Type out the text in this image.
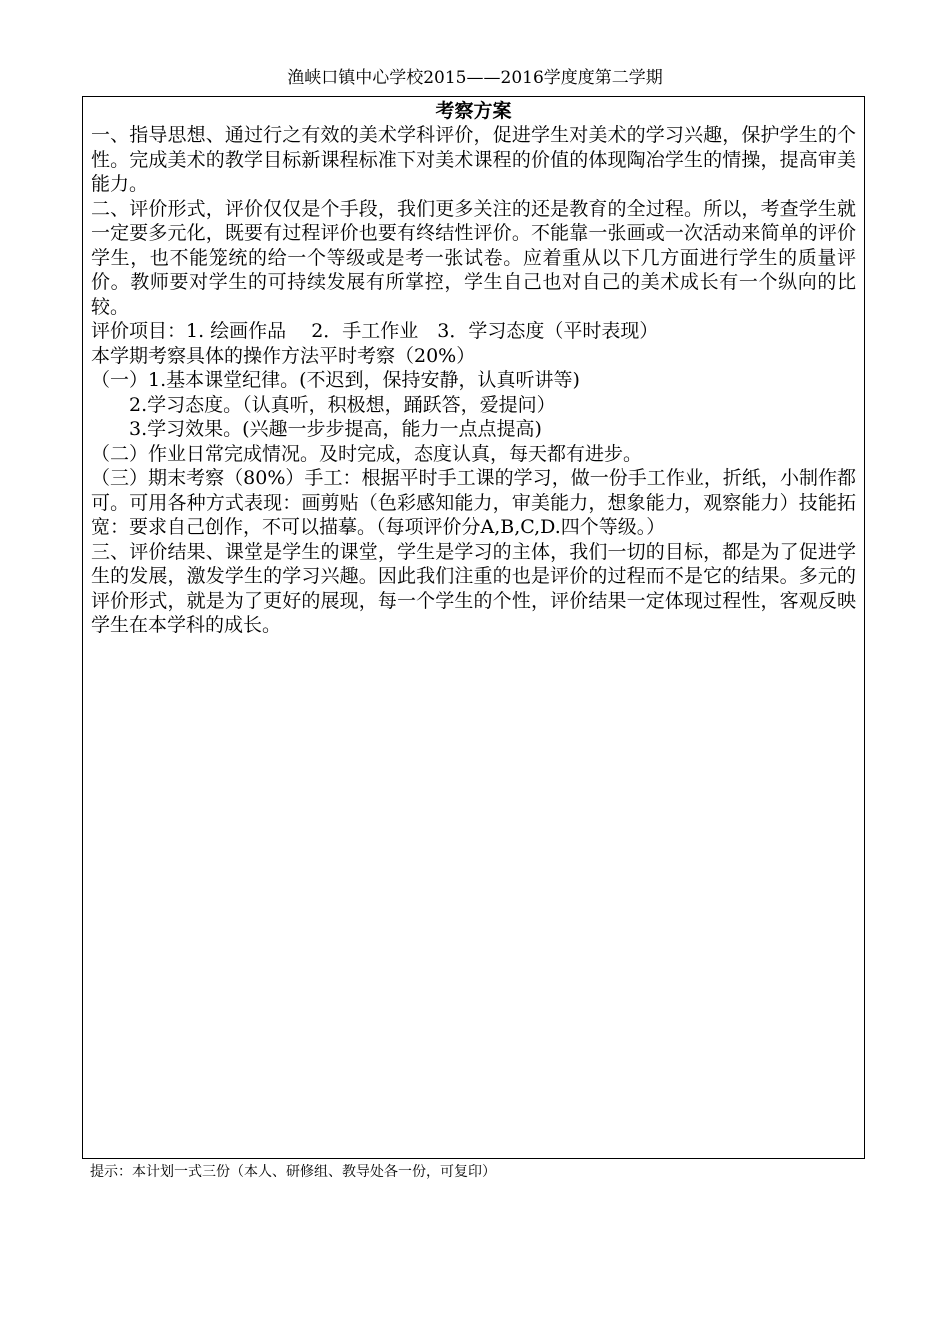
渔峡口镇中心学校2015——2016学度度第二学期
考察方案

一、指导思想、通过行之有效的美术学科评价，促进学生对美术的学习兴趣，保护学生的个性。完成美术的教学目标新课程标准下对美术课程的价值的体现陶冶学生的情操，提高审美能力。

二、评价形式，评价仅仅是个手段，我们更多关注的还是教育的全过程。所以，考查学生就一定要多元化，既要有过程评价也要有终结性评价。不能靠一张画或一次活动来简单的评价学生，也不能笼统的给一个等级或是考一张试卷。应着重从以下几方面进行学生的质量评价。教师要对学生的可持续发展有所掌控，学生自己也对自己的美术成长有一个纵向的比较。

评价项目：1. 绘画作品　 2．手工作业　3．学习态度（平时表现）

本学期考察具体的操作方法平时考察（20%）

（一）1.基本课堂纪律。(不迟到，保持安静，认真听讲等)

2.学习态度。（认真听，积极想，踊跃答，爱提问）

3.学习效果。(兴趣一步步提高，能力一点点提高)

（二）作业日常完成情况。及时完成，态度认真，每天都有进步。

（三）期末考察（80%）手工：根据平时手工课的学习，做一份手工作业，折纸，小制作都可。可用各种方式表现：画剪贴（色彩感知能力，审美能力，想象能力，观察能力）技能拓宽：要求自己创作，不可以描摹。（每项评价分A,B,C,D.四个等级。）

三、评价结果、课堂是学生的课堂，学生是学习的主体，我们一切的目标，都是为了促进学生的发展，激发学生的学习兴趣。因此我们注重的也是评价的过程而不是它的结果。多元的评价形式，就是为了更好的展现，每一个学生的个性，评价结果一定体现过程性，客观反映学生在本学科的成长。

提示：本计划一式三份（本人、研修组、教导处各一份，可复印）
